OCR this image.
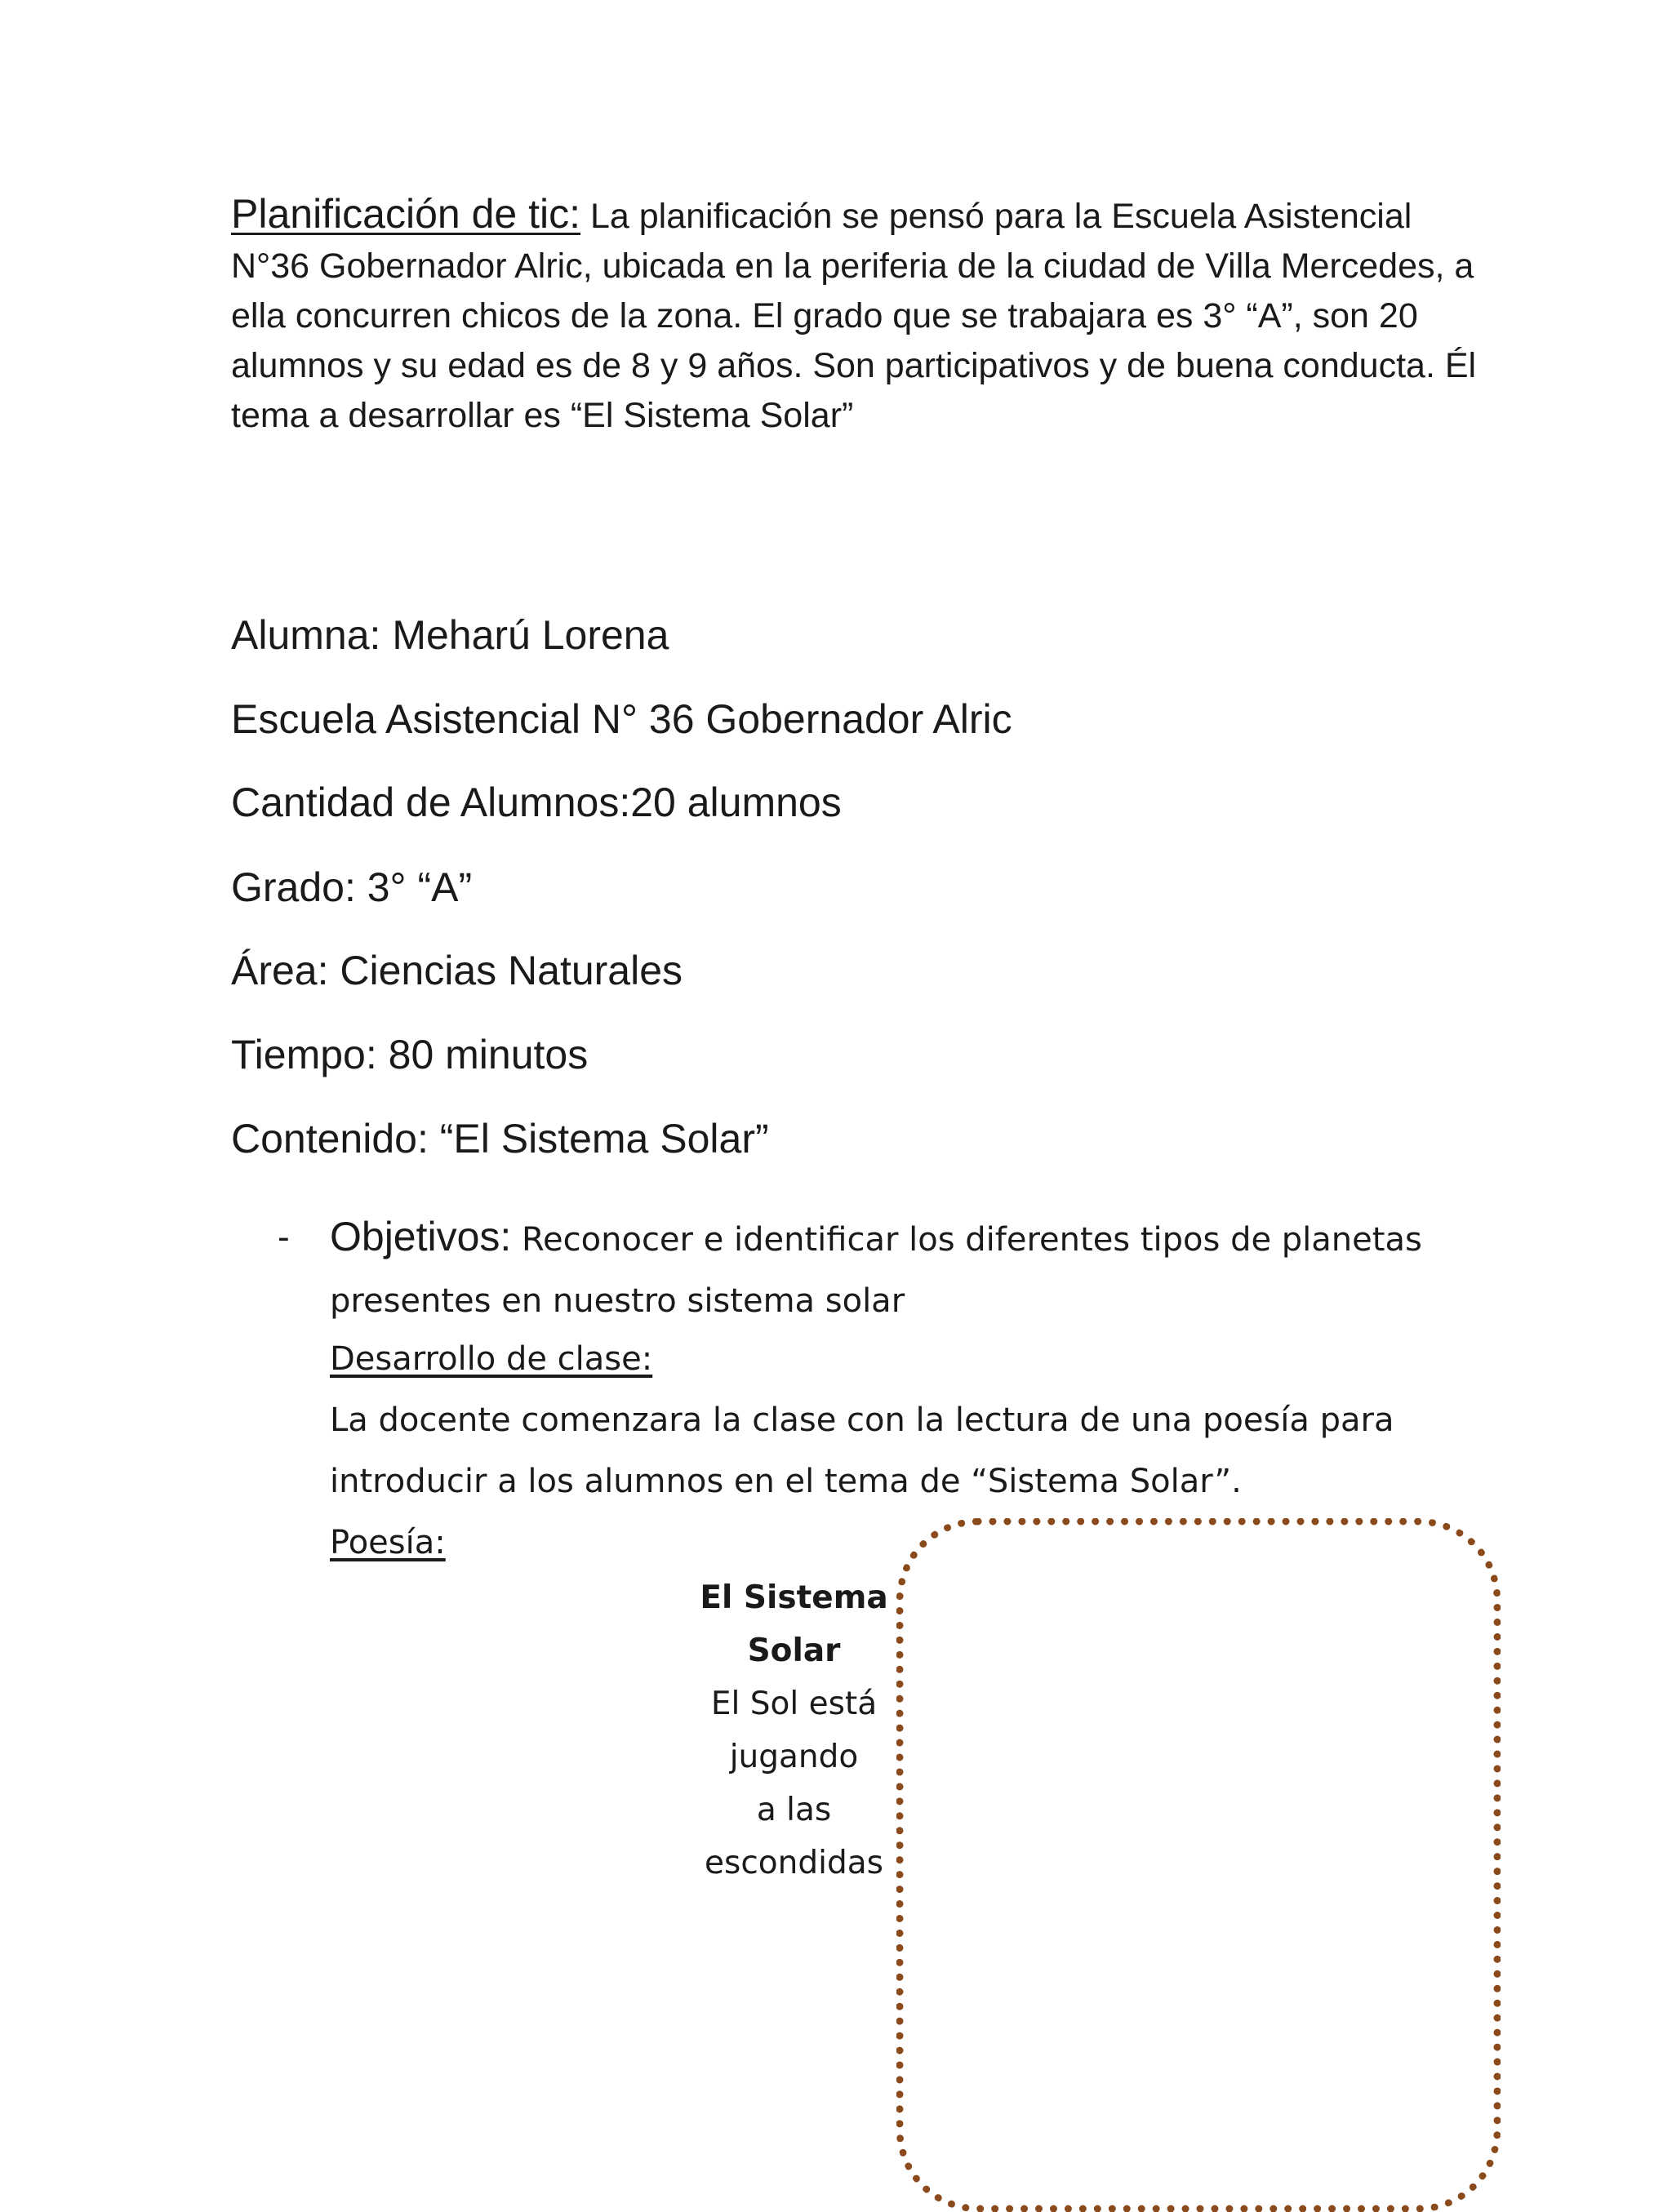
Planificación de tic: La planificación se pensó para la Escuela Asistencial N°36 Gobernador Alric, ubicada en la periferia de la ciudad de Villa Mercedes, a ella concurren chicos de la zona. El grado que se trabajara es 3° “A”, son 20 alumnos y su edad es de 8 y 9 años. Son participativos y de buena conducta. Él tema a desarrollar es “El Sistema Solar”
Alumna: Meharú Lorena
Escuela Asistencial N° 36 Gobernador Alric
Cantidad de Alumnos:20 alumnos
Grado: 3° “A”
Área: Ciencias Naturales
Tiempo: 80 minutos
Contenido: “El Sistema Solar”
- Objetivos: Reconocer e identificar los diferentes tipos de planetas presentes en nuestro sistema solar
Desarrollo de clase:
La docente comenzara la clase con la lectura de una poesía para introducir a los alumnos en el tema de “Sistema Solar”.
Poesía:
El Sistema
Solar
El Sol está
jugando
a las
escondidas
